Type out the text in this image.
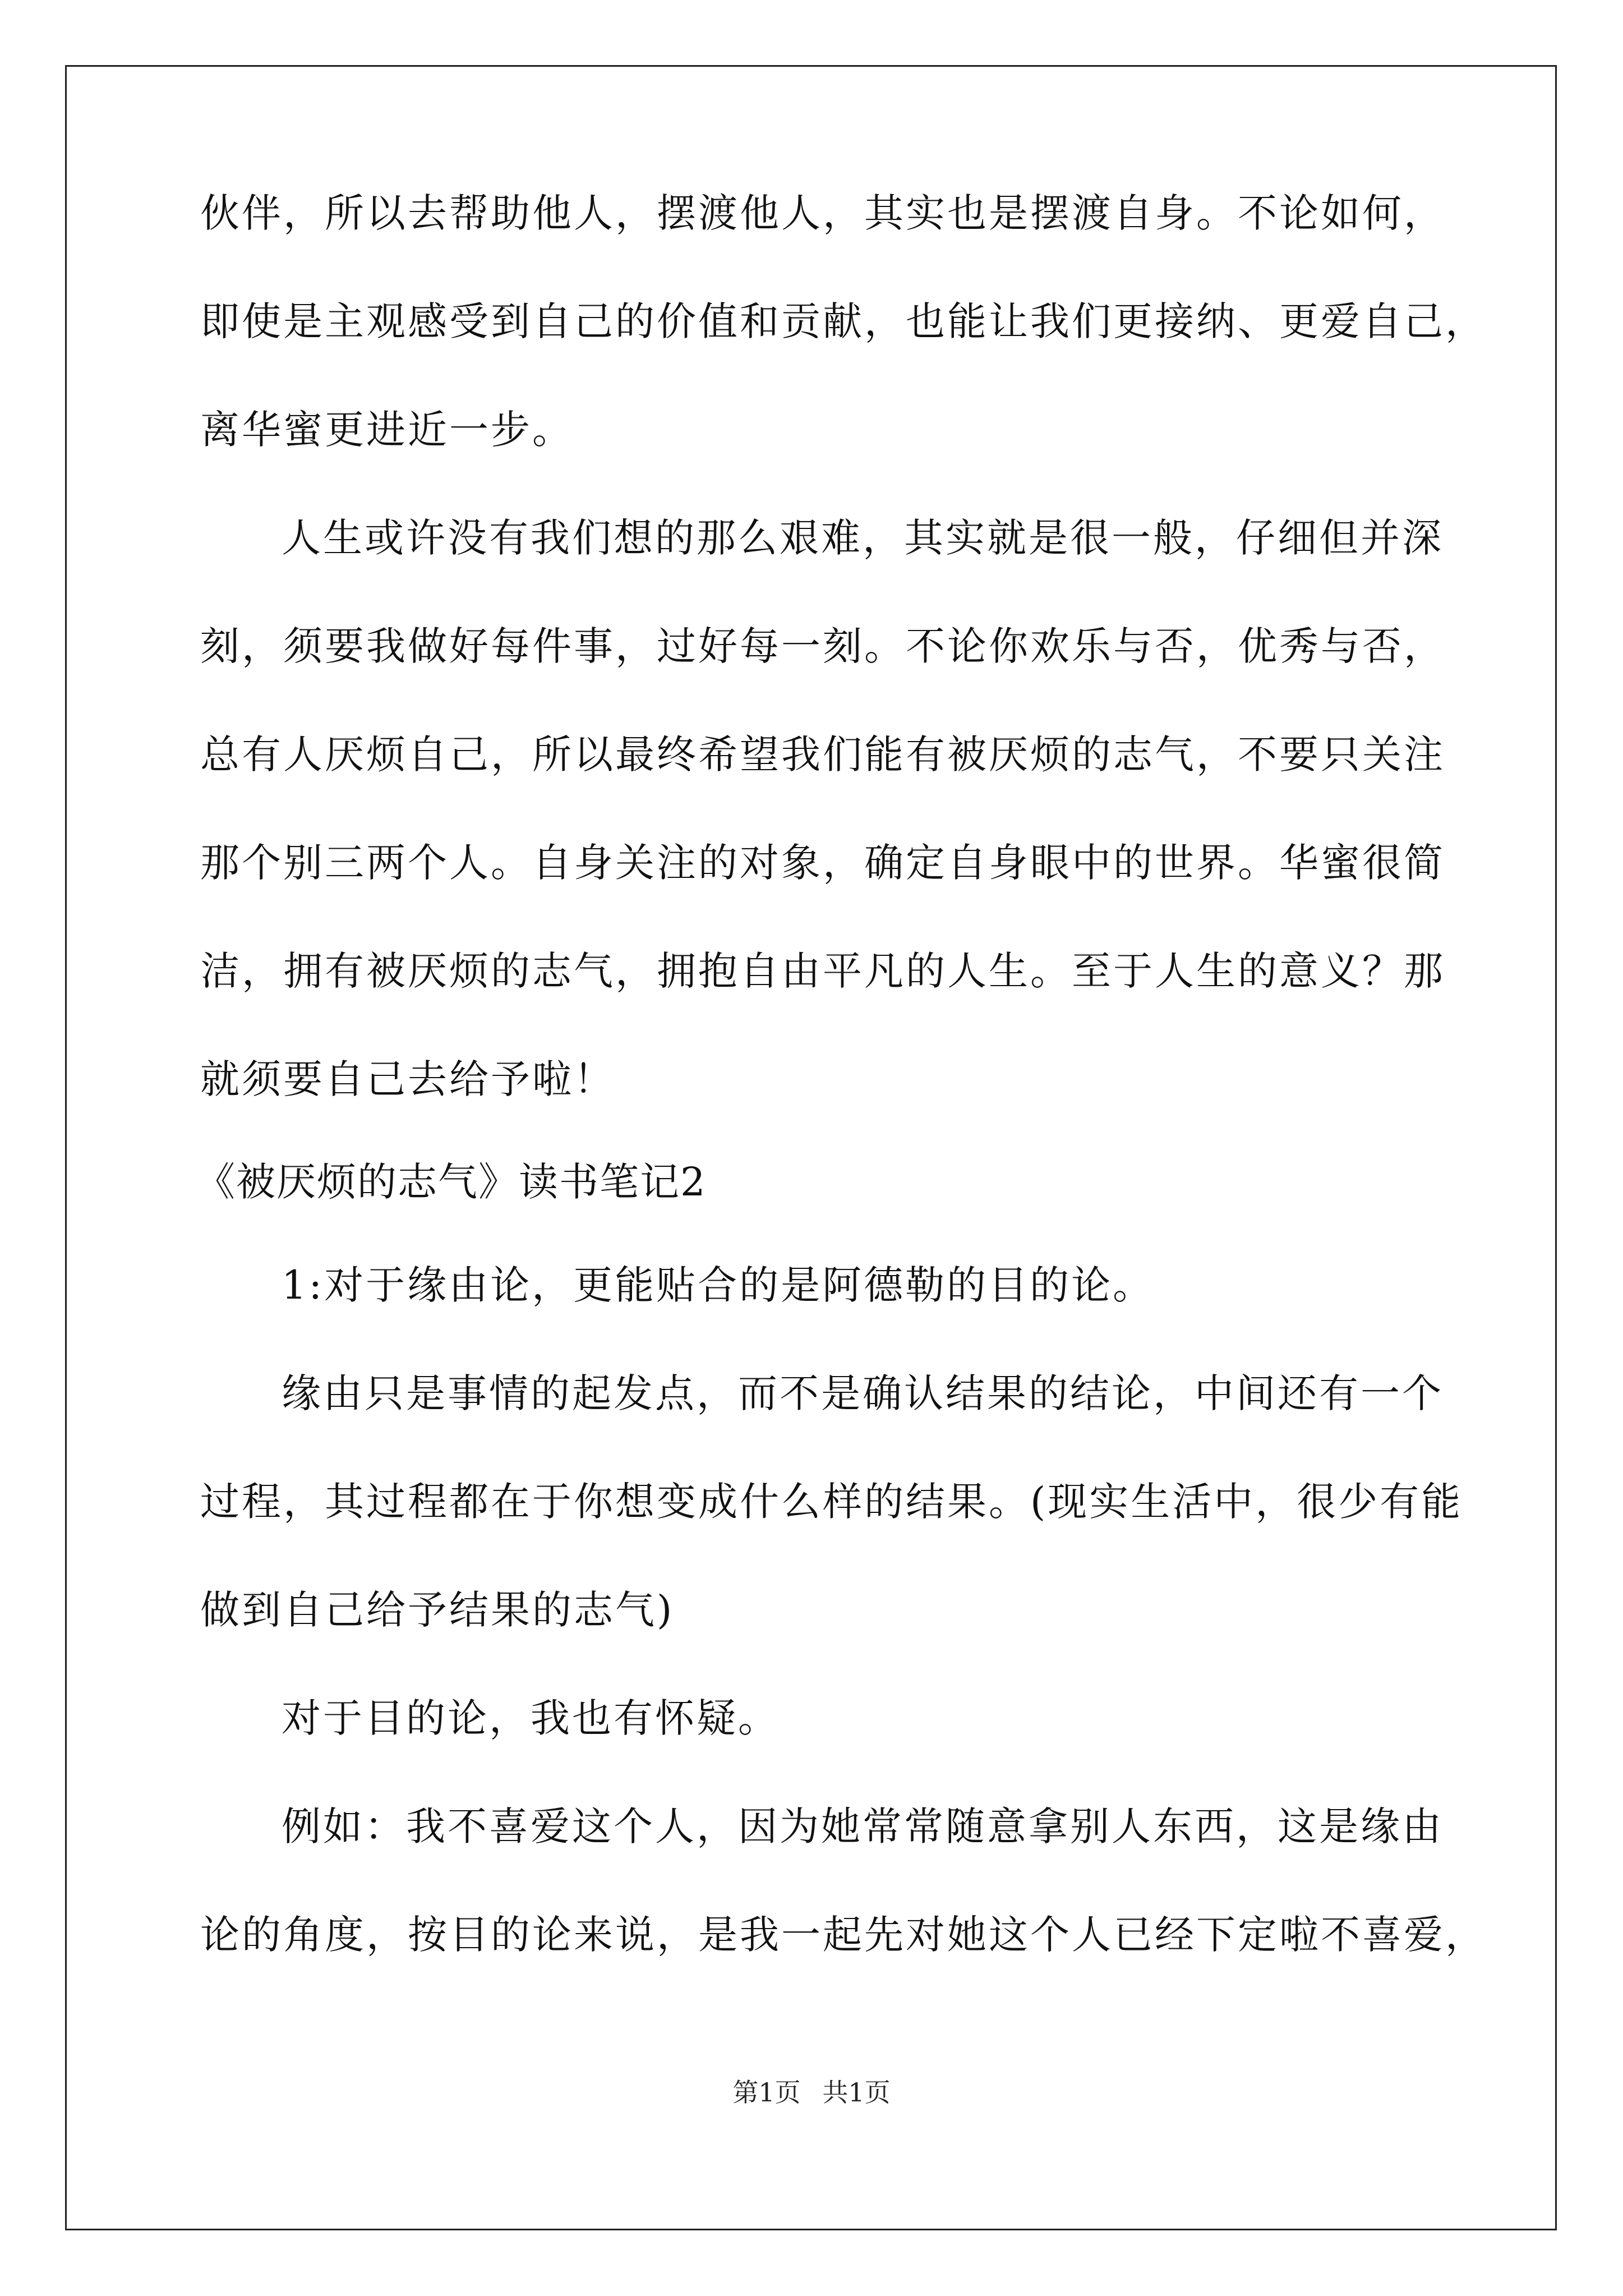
伙伴，所以去帮助他人，摆渡他人，其实也是摆渡自身。不论如何，
即使是主观感受到自己的价值和贡献，也能让我们更接纳、更爱自己，
离华蜜更进近一步。
人生或许没有我们想的那么艰难，其实就是很一般，仔细但并深
刻，须要我做好每件事，过好每一刻。不论你欢乐与否，优秀与否，
总有人厌烦自己，所以最终希望我们能有被厌烦的志气，不要只关注
那个别三两个人。自身关注的对象，确定自身眼中的世界。华蜜很简
洁，拥有被厌烦的志气，拥抱自由平凡的人生。至于人生的意义？那
就须要自己去给予啦！
《被厌烦的志气》读书笔记2
1:对于缘由论，更能贴合的是阿德勒的目的论。
缘由只是事情的起发点，而不是确认结果的结论，中间还有一个
过程，其过程都在于你想变成什么样的结果。(现实生活中，很少有能
做到自己给予结果的志气)
对于目的论，我也有怀疑。
例如：我不喜爱这个人，因为她常常随意拿别人东西，这是缘由
论的角度，按目的论来说，是我一起先对她这个人已经下定啦不喜爱，
第1页 共1页
